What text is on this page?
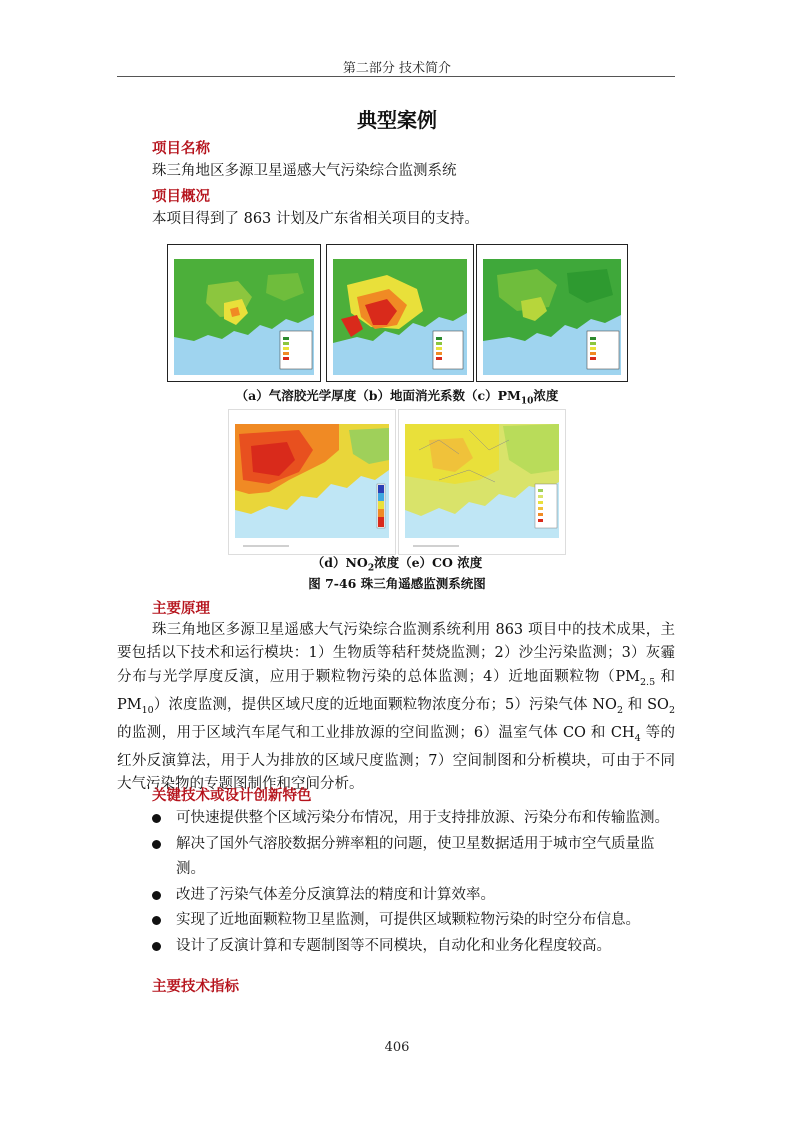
第二部分 技术简介
典型案例
项目名称
珠三角地区多源卫星遥感大气污染综合监测系统
项目概况
本项目得到了 863 计划及广东省相关项目的支持。
（a）气溶胶光学厚度（b）地面消光系数$(c)PM_{10}$浓度
$(d)NO_2$浓度（e）CO 浓度
图 7-46 珠三角遥感监测系统图
主要原理
珠三角地区多源卫星遥感大气污染综合监测系统利用 863 项目中的技术成果，主要包括以下技术和运行模块：1）生物质等秸秆焚烧监测；2）沙尘污染监测；3）灰霾分布与光学厚度反演，应用于颗粒物污染的总体监测；4）近地面颗粒物（$PM_{2.5}$ 和 $PM_{10}$）浓度监测，提供区域尺度的近地面颗粒物浓度分布；5）污染气体 $NO_2$ 和 $SO_2$ 的监测，用于区域汽车尾气和工业排放源的空间监测；6）温室气体 CO 和 $CH_4$ 等的红外反演算法，用于人为排放的区域尺度监测；7）空间制图和分析模块，可由于不同大气污染物的专题图制作和空间分析。
关键技术或设计创新特色
可快速提供整个区域污染分布情况，用于支持排放源、污染分布和传输监测。
解决了国外气溶胶数据分辨率粗的问题，使卫星数据适用于城市空气质量监测。
改进了污染气体差分反演算法的精度和计算效率。
实现了近地面颗粒物卫星监测，可提供区域颗粒物污染的时空分布信息。
设计了反演计算和专题制图等不同模块，自动化和业务化程度较高。
主要技术指标
406
